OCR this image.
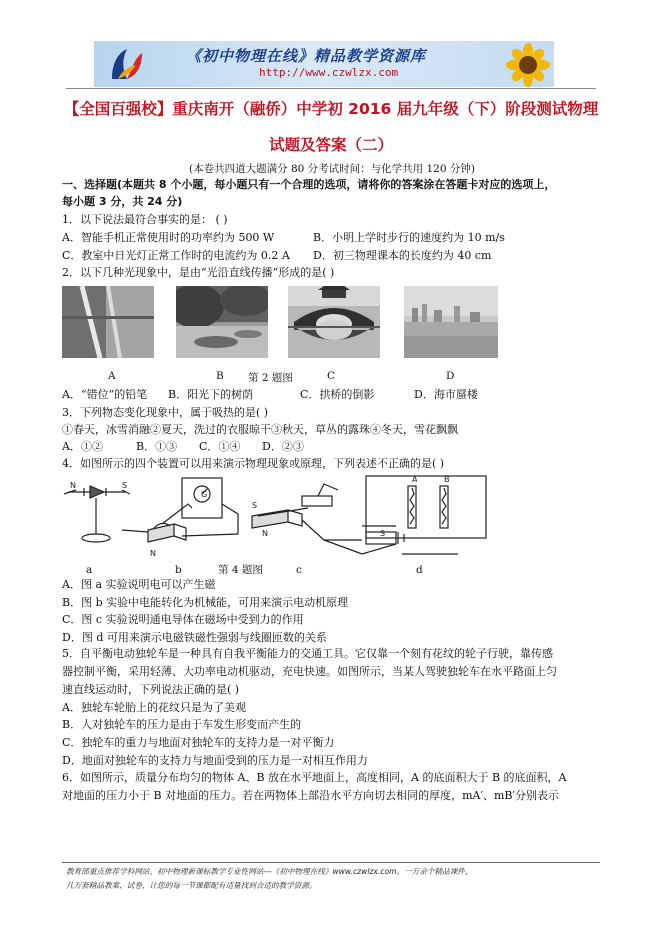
《初中物理在线》精品教学资源库
http://www.czwlzx.com
【全国百强校】重庆南开（融侨）中学初 2016 届九年级（下）阶段测试物理
试题及答案（二）
(本卷共四道大题满分 80 分考试时间：与化学共用 120 分钟)
一、选择题(本题共 8 个小题，每小题只有一个合理的选项，请将你的答案涂在答题卡对应的选项上，
每小题 3 分，共 24 分)
1．以下说法最符合事实的是： ( )
A．智能手机正常使用时的功率约为 500 W	B．小明上学时步行的速度约为 10 m/s
C．教室中日光灯正常工作时的电流约为 0.2 A D．初三物理课本的长度约为 40 cm
2．以下几种光现象中，是由“光沿直线传播”形成的是( )
A	B 第 2 题图	C	D
A．“错位”的铅笔 B．阳光下的树荫	C．拱桥的倒影	D．海市蜃楼
3．下列物态变化现象中，属于吸热的是( )
①春天，冰雪消融②夏天，洗过的衣服晾干③秋天，草丛的露珠④冬天，雪花飘飘
A．①②	B．①③ C．①④ D．②③
4．如图所示的四个装置可以用来演示物理现象或原理，下列表述不正确的是( )
S
N
N
N
S
S
A	B
G
a	b	第 4 题图	c	d
A．图 a 实验说明电可以产生磁
B．图 b 实验中电能转化为机械能，可用来演示电动机原理
C．图 c 实验说明通电导体在磁场中受到力的作用
D．图 d 可用来演示电磁铁磁性强弱与线圈匝数的关系
5．自平衡电动独轮车是一种具有自我平衡能力的交通工具。它仅靠一个刻有花纹的轮子行驶，靠传感
器控制平衡，采用轻薄、大功率电动机驱动，充电快速。如图所示，当某人驾驶独轮车在水平路面上匀
速直线运动时，下列说法正确的是( )
A．独轮车轮胎上的花纹只是为了美观
B．人对独轮车的压力是由于车发生形变而产生的
C．独轮车的重力与地面对独轮车的支持力是一对平衡力
D．地面对独轮车的支持力与地面受到的压力是一对相互作用力
6．如图所示，质量分布均匀的物体 A、B 放在水平地面上，高度相同，A 的底面积大于 B 的底面积，A
对地面的压力小于 B 对地面的压力。若在两物体上部沿水平方向切去相同的厚度，mA′、mB′分别表示
教育部重点推荐学科网站、初中物理新课标教学专业性网站---《初中物理在线》www.czwlzx.com。一万余个精品课件、
几万套精品教案、试卷，让您的每一节课都配有适量找到合适的教学资源。
